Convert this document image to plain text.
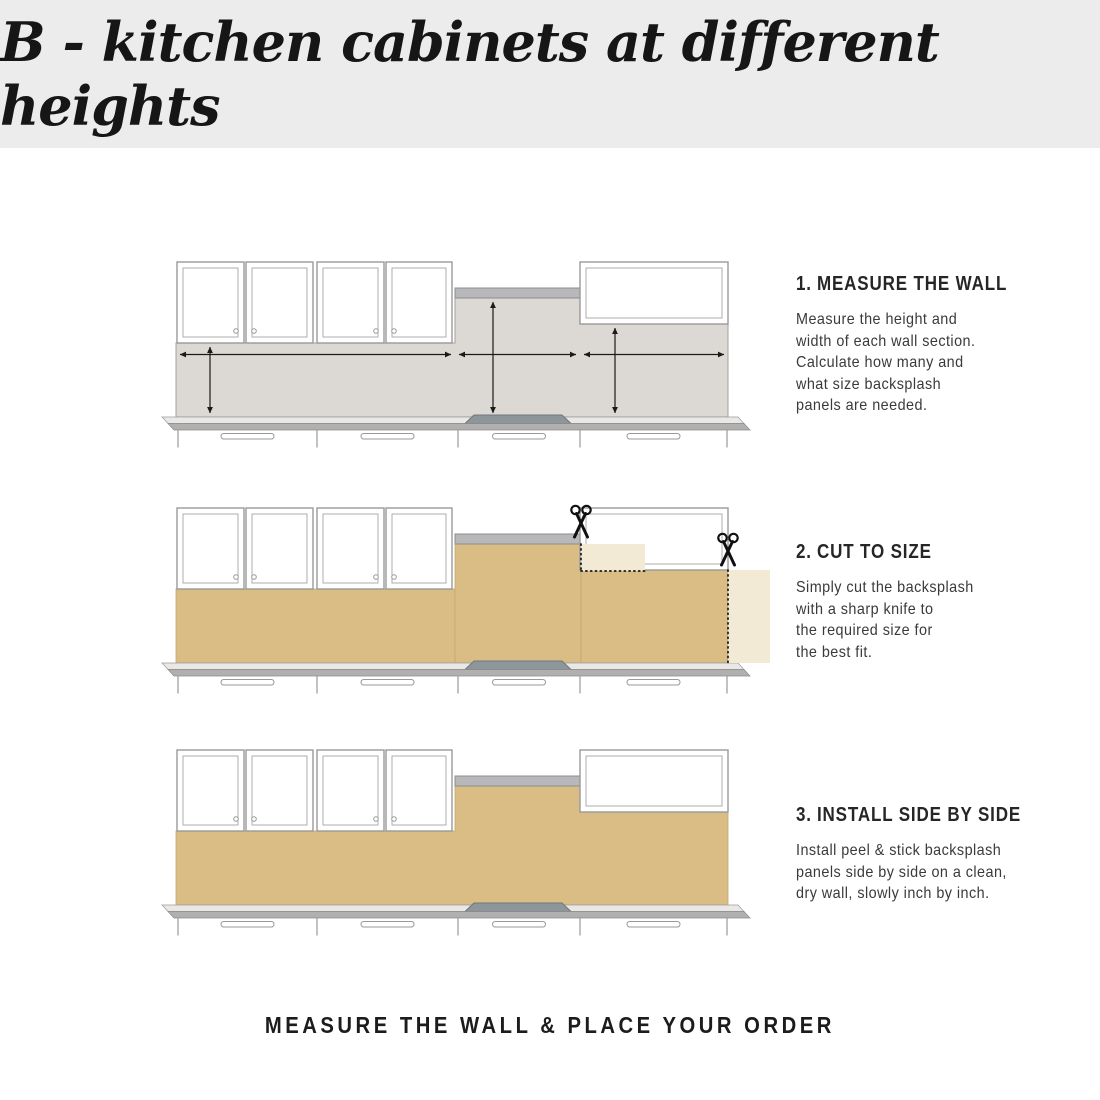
B - kitchen cabinets at different heights
1. MEASURE THE WALL
Measure the height and
width of each wall section.
Calculate how many and
what size backsplash
panels are needed.
2. CUT TO SIZE
Simply cut the backsplash
with a sharp knife to
the required size for
the best fit.
3. INSTALL SIDE BY SIDE
Install peel & stick backsplash
panels side by side on a clean,
dry wall, slowly inch by inch.
MEASURE THE WALL & PLACE YOUR ORDER
